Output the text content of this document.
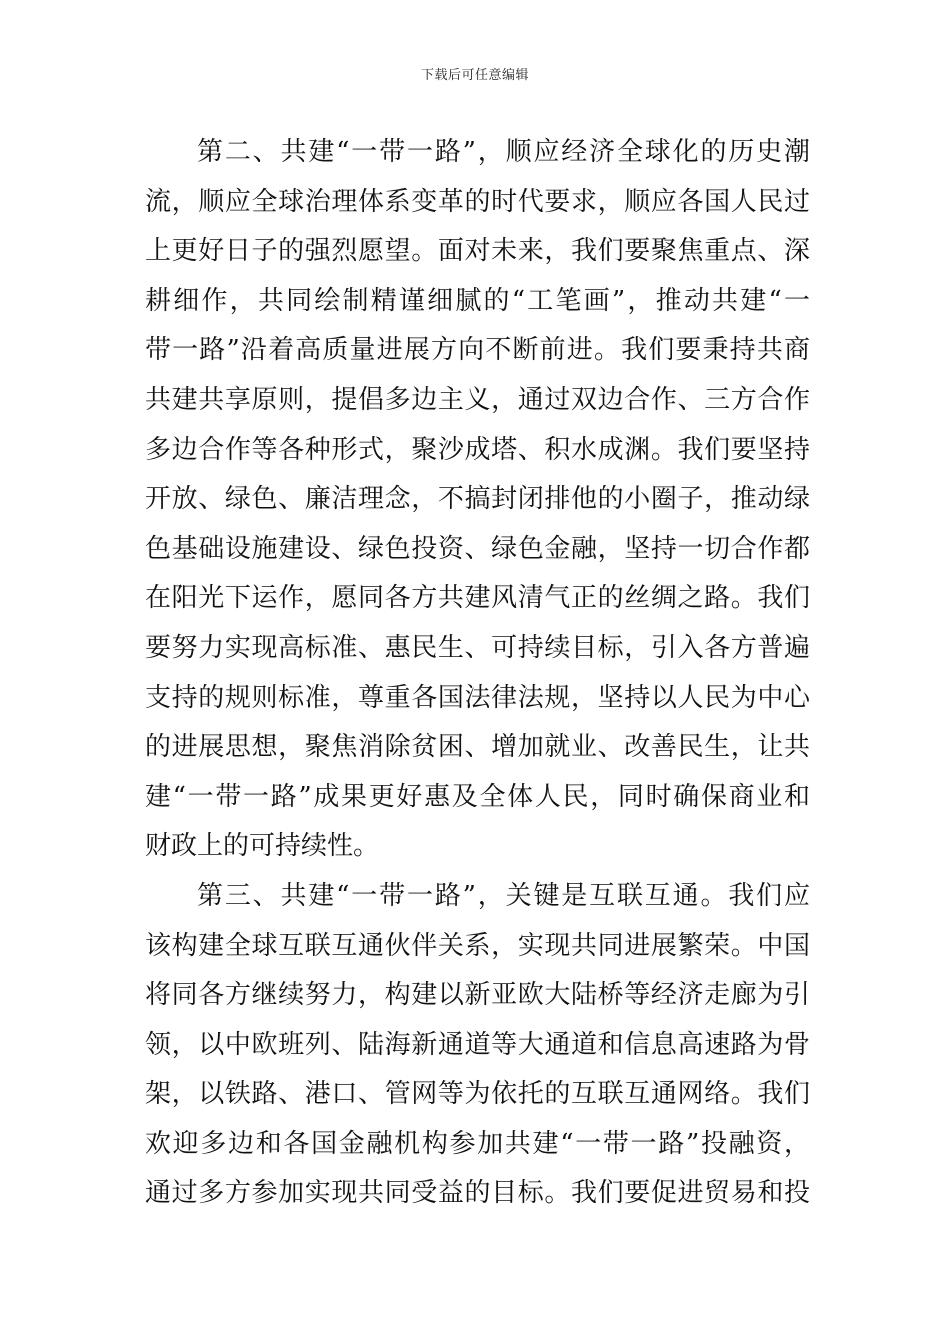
下载后可任意编辑
第二、共建“一带一路”，顺应经济全球化的历史潮
流，顺应全球治理体系变革的时代要求，顺应各国人民过
上更好日子的强烈愿望。面对未来，我们要聚焦重点、深
耕细作，共同绘制精谨细腻的“工笔画”，推动共建“一
带一路”沿着高质量进展方向不断前进。我们要秉持共商
共建共享原则，提倡多边主义，通过双边合作、三方合作
多边合作等各种形式，聚沙成塔、积水成渊。我们要坚持
开放、绿色、廉洁理念，不搞封闭排他的小圈子，推动绿
色基础设施建设、绿色投资、绿色金融，坚持一切合作都
在阳光下运作，愿同各方共建风清气正的丝绸之路。我们
要努力实现高标准、惠民生、可持续目标，引入各方普遍
支持的规则标准，尊重各国法律法规，坚持以人民为中心
的进展思想，聚焦消除贫困、增加就业、改善民生，让共
建“一带一路”成果更好惠及全体人民，同时确保商业和
财政上的可持续性。
第三、共建“一带一路”，关键是互联互通。我们应
该构建全球互联互通伙伴关系，实现共同进展繁荣。中国
将同各方继续努力，构建以新亚欧大陆桥等经济走廊为引
领，以中欧班列、陆海新通道等大通道和信息高速路为骨
架，以铁路、港口、管网等为依托的互联互通网络。我们
欢迎多边和各国金融机构参加共建“一带一路”投融资，
通过多方参加实现共同受益的目标。我们要促进贸易和投
